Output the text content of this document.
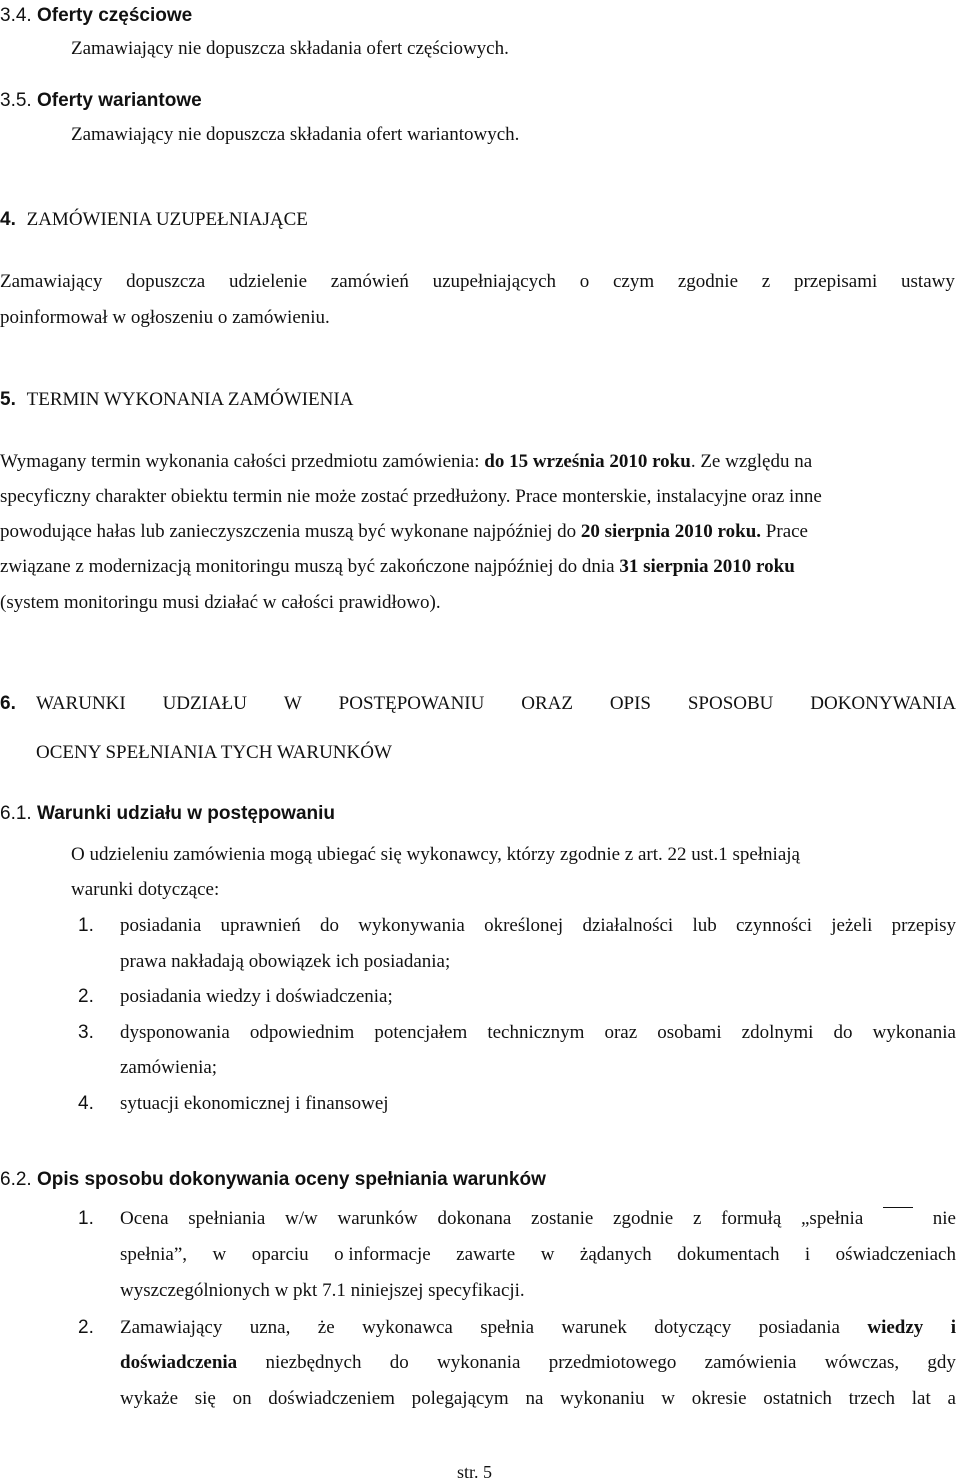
3.4. Oferty częściowe
Zamawiający nie dopuszcza składania ofert częściowych.
3.5. Oferty wariantowe
Zamawiający nie dopuszcza składania ofert wariantowych.
4. ZAMÓWIENIA UZUPEŁNIAJĄCE
Zamawiający dopuszcza udzielenie zamówień uzupełniających o czym zgodnie z przepisami ustawy
poinformował w ogłoszeniu o zamówieniu.
5. TERMIN WYKONANIA ZAMÓWIENIA
Wymagany termin wykonania całości przedmiotu zamówienia: do 15 września 2010 roku. Ze względu na
specyficzny charakter obiektu termin nie może zostać przedłużony. Prace monterskie, instalacyjne oraz inne
powodujące hałas lub zanieczyszczenia muszą być wykonane najpóźniej do 20 sierpnia 2010 roku. Prace
związane z modernizacją monitoringu muszą być zakończone najpóźniej do dnia 31 sierpnia 2010 roku
(system monitoringu musi działać w całości prawidłowo).
6. WARUNKI UDZIAŁU W POSTĘPOWANIU ORAZ OPIS SPOSOBU DOKONYWANIA
OCENY SPEŁNIANIA TYCH WARUNKÓW
6.1. Warunki udziału w postępowaniu
O udzieleniu zamówienia mogą ubiegać się wykonawcy, którzy zgodnie z art. 22 ust.1 spełniają
warunki dotyczące:
1. posiadania uprawnień do wykonywania określonej działalności lub czynności jeżeli przepisy
prawa nakładają obowiązek ich posiadania;
2. posiadania wiedzy i doświadczenia;
3. dysponowania odpowiednim potencjałem technicznym oraz osobami zdolnymi do wykonania
zamówienia;
4. sytuacji ekonomicznej i finansowej
6.2. Opis sposobu dokonywania oceny spełniania warunków
1. Ocena spełniania w/w warunków dokonana zostanie zgodnie z formułą „spełnia	nie
spełnia”, w oparciu o informacje zawarte w żądanych dokumentach i oświadczeniach
wyszczególnionych w pkt 7.1 niniejszej specyfikacji.
2. Zamawiający uzna, że wykonawca spełnia warunek dotyczący posiadania wiedzy i
doświadczenia niezbędnych do wykonania przedmiotowego zamówienia wówczas, gdy
wykaże się on doświadczeniem polegającym na wykonaniu w okresie ostatnich trzech lat a
str. 5
